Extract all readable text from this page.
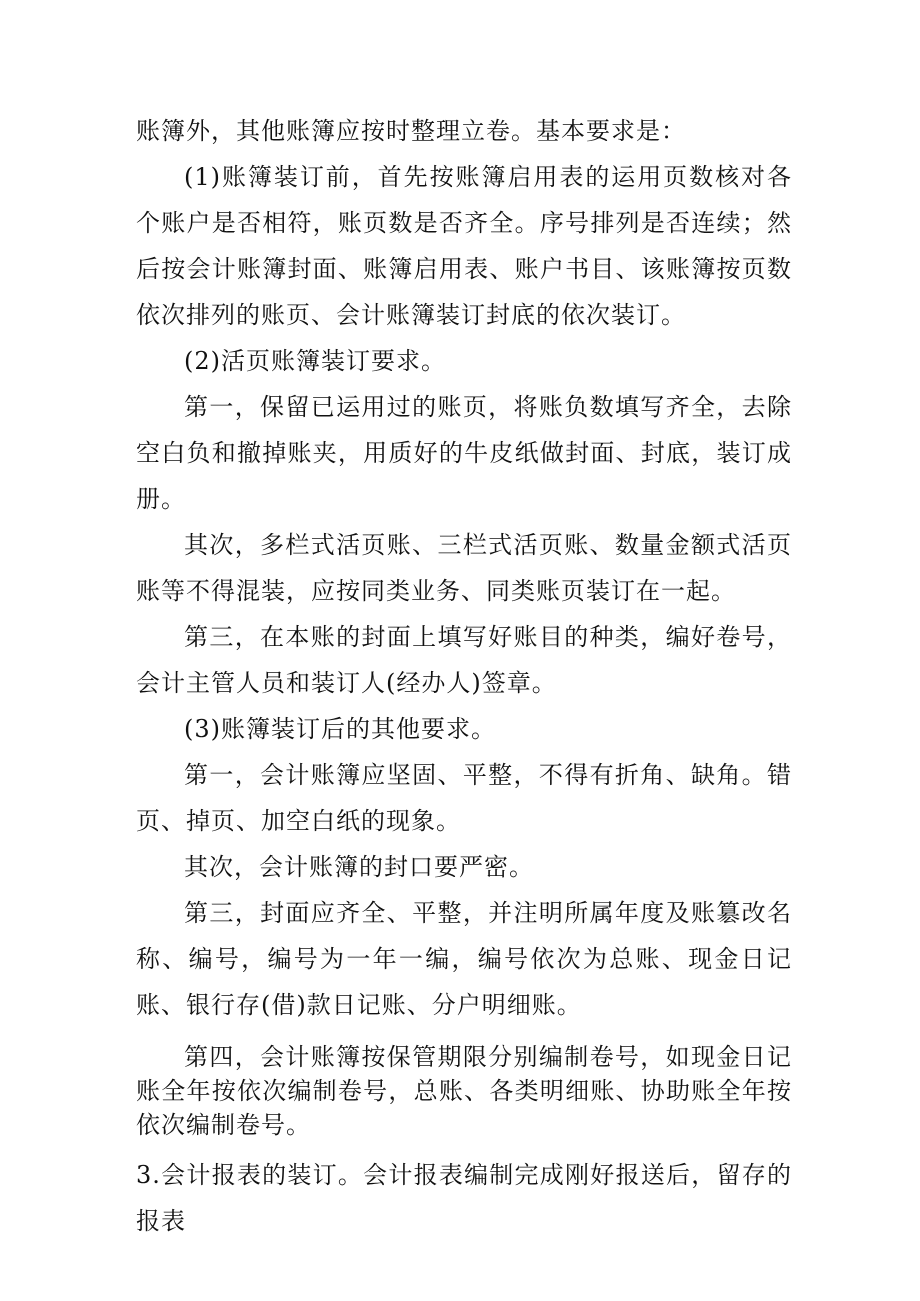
账簿外，其他账簿应按时整理立卷。基本要求是：

(1)账簿装订前，首先按账簿启用表的运用页数核对各个账户是否相符，账页数是否齐全。序号排列是否连续；然后按会计账簿封面、账簿启用表、账户书目、该账簿按页数依次排列的账页、会计账簿装订封底的依次装订。

(2)活页账簿装订要求。

第一，保留已运用过的账页，将账负数填写齐全，去除空白负和撤掉账夹，用质好的牛皮纸做封面、封底，装订成册。

其次，多栏式活页账、三栏式活页账、数量金额式活页账等不得混装，应按同类业务、同类账页装订在一起。

第三，在本账的封面上填写好账目的种类，编好卷号，会计主管人员和装订人(经办人)签章。

(3)账簿装订后的其他要求。

第一，会计账簿应坚固、平整，不得有折角、缺角。错页、掉页、加空白纸的现象。

其次，会计账簿的封口要严密。

第三，封面应齐全、平整，并注明所属年度及账簒改名称、编号，编号为一年一编，编号依次为总账、现金日记账、银行存(借)款日记账、分户明细账。

第四，会计账簿按保管期限分别编制卷号，如现金日记账全年按依次编制卷号，总账、各类明细账、协助账全年按依次编制卷号。

3.会计报表的装订。会计报表编制完成刚好报送后，留存的报表
